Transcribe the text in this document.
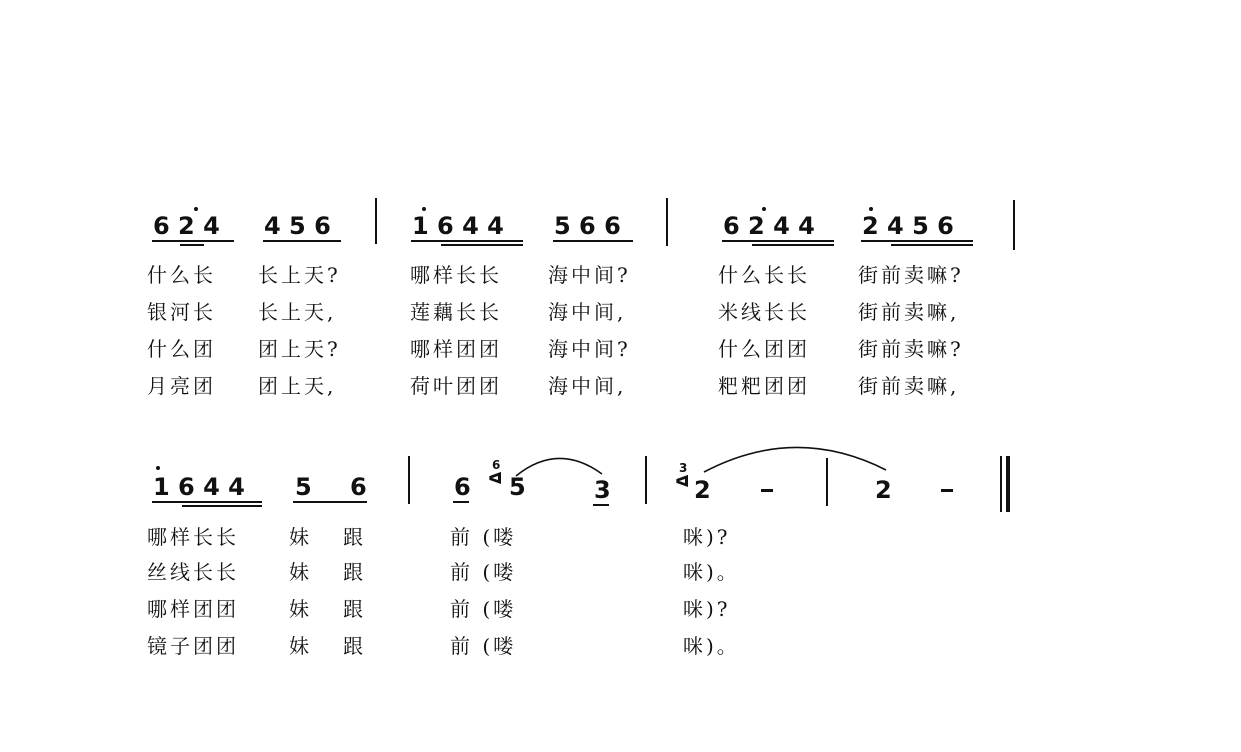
6 2 4 4 5 6	1 6 4 4 5 6 6	6 2 4 4 2 4 5 6
什么长 长上天?	哪样长长 海中间?	什么长长 街前卖嘛?
银河长 长上天,	莲藕长长 海中间,	米线长长 街前卖嘛,
什么团 团上天?	哪样团团 海中间?	什么团团 街前卖嘛?
月亮团 团上天,	荷叶团团 海中间,	粑粑团团 街前卖嘛,
1 6 4 4 5 6	6
6
ᐊ 5	3
3
ᐊ 2	2
哪样长长	妹 跟	前 (喽	咪)?
丝线长长	妹 跟	前 (喽	咪)。
哪样团团	妹 跟	前 (喽	咪)?
镜子团团	妹 跟	前 (喽	咪)。
